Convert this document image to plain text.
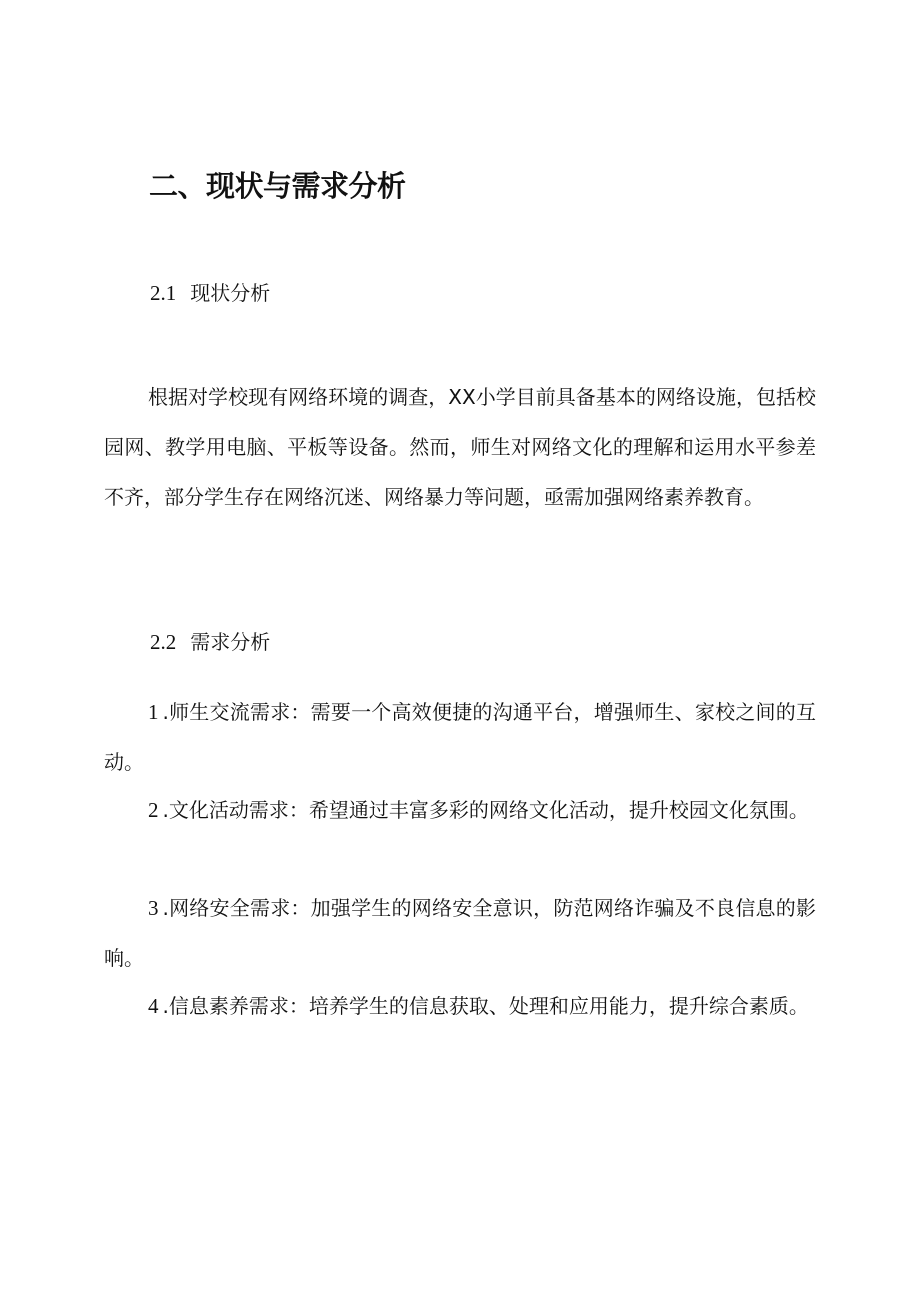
二、现状与需求分析
2.1 现状分析

根据对学校现有网络环境的调查，XX小学目前具备基本的网络设施，包括校园网、教学用电脑、平板等设备。然而，师生对网络文化的理解和运用水平参差不齐，部分学生存在网络沉迷、网络暴力等问题，亟需加强网络素养教育。

2.2 需求分析

1 .师生交流需求：需要一个高效便捷的沟通平台，增强师生、家校之间的互动。

2 .文化活动需求：希望通过丰富多彩的网络文化活动，提升校园文化氛围。

3 .网络安全需求：加强学生的网络安全意识，防范网络诈骗及不良信息的影响。

4 .信息素养需求：培养学生的信息获取、处理和应用能力，提升综合素质。
